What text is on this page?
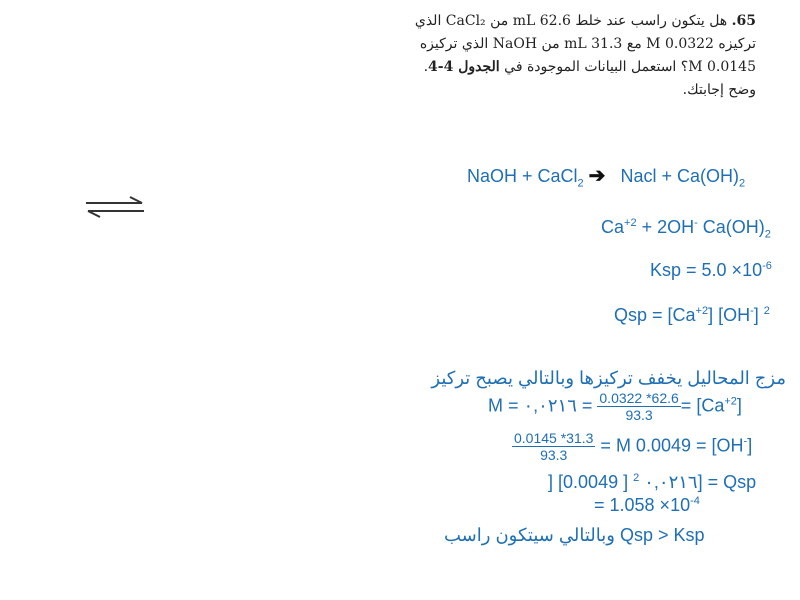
65. هل يتكون راسب عند خلط 62.6 mL من CaCl₂ الذي
تركيزه 0.0322 M مع 31.3 mL من NaOH الذي تركيزه
0.0145 M؟ استعمل البيانات الموجودة في الجدول 4-4.
وضح إجابتك.
NaOH + CaCl$_2$ ➔ Nacl + $Ca(OH)_2$
$Ca^{+2} + 2OH^-$ $Ca(OH)_2$
Ksp = $5.0 \times 10^{-6}$
Qsp = $[Ca^{+2}]$ [OH-] $^2$
مزج المحاليل يخفف تركيزها وبالتالي يصبح تركيز
= ٠,٠٢١٦ = M $\frac{0.0322 *62.6}{93.3} = [Ca^{+2}]$
$\frac{0.0145 *31.3}{93.3} = M$ 0.0049 = [OH-]
] [0.0049 ] $^2$ Qsp = [٠,٠٢١٦
= $1.058 \times 10^{-4}$
وبالتالي سيتكون راسب Qsp > Ksp
